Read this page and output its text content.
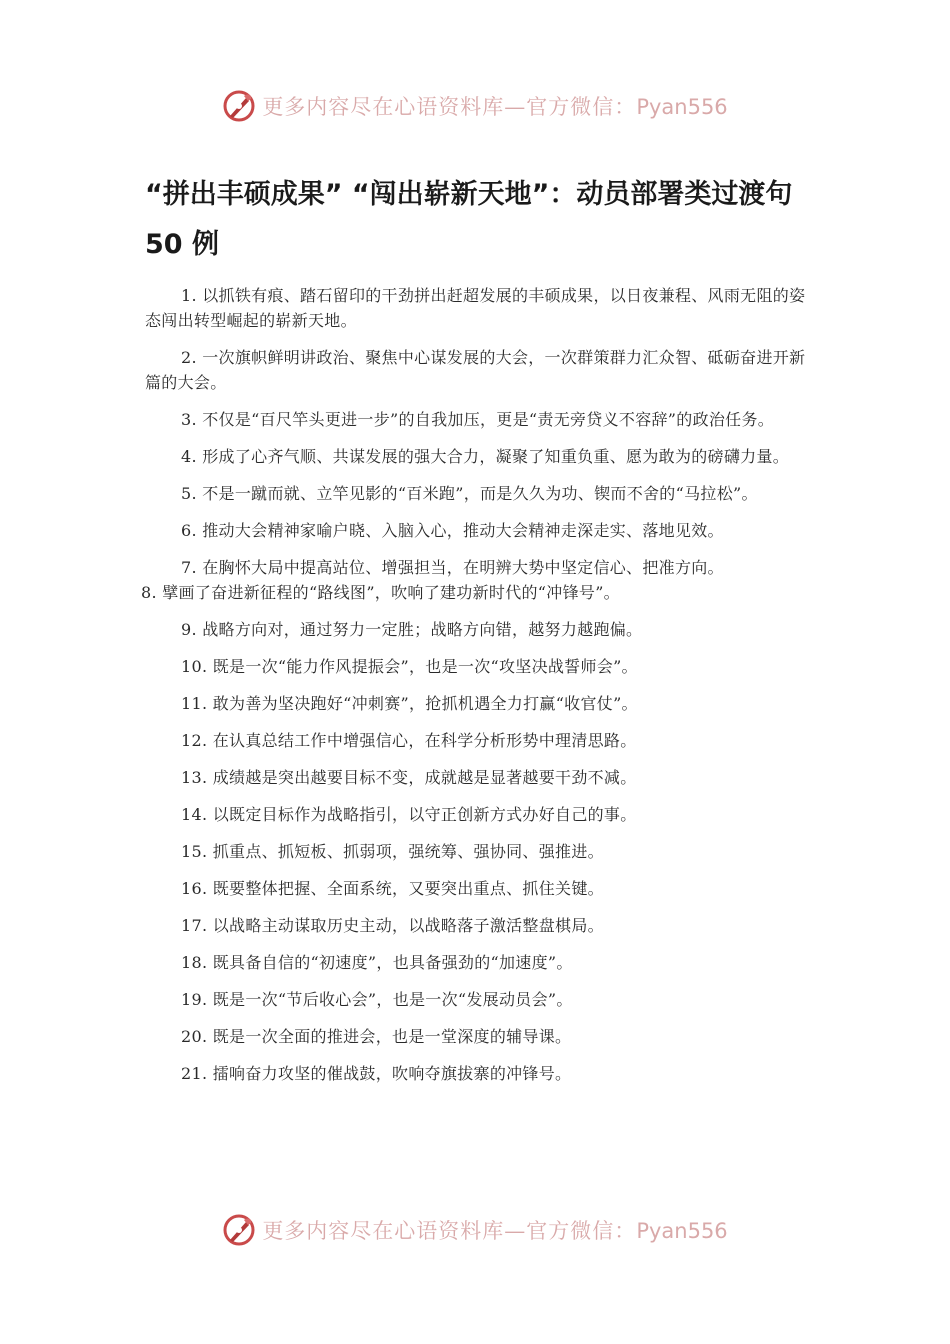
更多内容尽在心语资料库—官方微信：Pyan556
“拼出丰硕成果” “闯出崭新天地”：动员部署类过渡句 50 例

1. 以抓铁有痕、踏石留印的干劲拼出赶超发展的丰硕成果，以日夜兼程、风雨无阻的姿态闯出转型崛起的崭新天地。

2. 一次旗帜鲜明讲政治、聚焦中心谋发展的大会，一次群策群力汇众智、砥砺奋进开新篇的大会。

3. 不仅是“百尺竿头更进一步”的自我加压，更是“责无旁贷义不容辞”的政治任务。

4. 形成了心齐气顺、共谋发展的强大合力，凝聚了知重负重、愿为敢为的磅礴力量。

5. 不是一蹴而就、立竿见影的“百米跑”，而是久久为功、锲而不舍的“马拉松”。

6. 推动大会精神家喻户晓、入脑入心，推动大会精神走深走实、落地见效。

7. 在胸怀大局中提高站位、增强担当，在明辨大势中坚定信心、把准方向。

8. 擘画了奋进新征程的“路线图”，吹响了建功新时代的“冲锋号”。

9. 战略方向对，通过努力一定胜；战略方向错，越努力越跑偏。

10. 既是一次“能力作风提振会”，也是一次“攻坚决战誓师会”。

11. 敢为善为坚决跑好“冲刺赛”，抢抓机遇全力打赢“收官仗”。

12. 在认真总结工作中增强信心，在科学分析形势中理清思路。

13. 成绩越是突出越要目标不变，成就越是显著越要干劲不减。

14. 以既定目标作为战略指引，以守正创新方式办好自己的事。

15. 抓重点、抓短板、抓弱项，强统筹、强协同、强推进。

16. 既要整体把握、全面系统，又要突出重点、抓住关键。

17. 以战略主动谋取历史主动，以战略落子激活整盘棋局。

18. 既具备自信的“初速度”，也具备强劲的“加速度”。

19. 既是一次“节后收心会”，也是一次“发展动员会”。

20. 既是一次全面的推进会，也是一堂深度的辅导课。

21. 擂响奋力攻坚的催战鼓，吹响夺旗拔寨的冲锋号。

更多内容尽在心语资料库—官方微信：Pyan556
